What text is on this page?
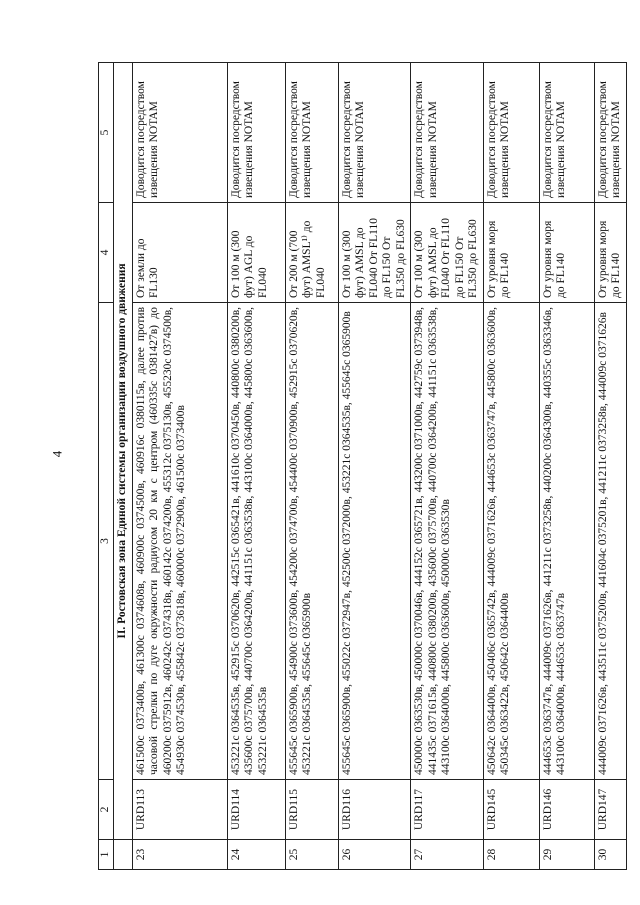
4
1	2	3	4	5
	II. Ростовская зона Единой системы организации воздушного движения			
23	URD113	461500с 0373400в, 461300с 0374608в, 460900с 0374500в, 460916с 0380115в, далее против часовой стрелки по дуге окружности радиусом 20 км с центром (460335с 0381427в) до 460200с 0375912в, 460242с 0374318в, 460142с 0374200в, 455312с 0375130в, 455230с 0374500в, 454930с 0374530в, 455842с 0373618в, 460000с 0372900в, 461500с 0373400в	От земли до FL130	Доводится посредством извещения NOTAM
24	URD114	453221с 0364535в, 452915с 0370620в, 442515с 0365421в, 441610с 0370450в, 440800с 0380200в, 435600с 0375700в, 440700с 0364200в, 441151с 0363538в, 443100с 0364000в, 445800с 0363600в, 453221с 0364535в	От 100 м (300 фут) AGL до FL040	Доводится посредством извещения NOTAM
25	URD115	455645с 0365900в, 454900с 0373600в, 454200с 0374700в, 454400с 0370900в, 452915с 0370620в, 453221с 0364535в, 455645с 0365900в	От 200 м (700 фут) AMSL¹⁾ до FL040	Доводится посредством извещения NOTAM
26	URD116	455645с 0365900в, 455022с 0372947в, 452500с 0372000в, 453221с 0364535в, 455645с 0365900в	От 100 м (300 фут) AMSL до FL040 От FL110 до FL150 От FL350 до FL630	Доводится посредством извещения NOTAM
27	URD117	450000с 0363530в, 450000с 0370046в, 444152с 0365721в, 443200с 0371000в, 442759с 0373948в, 441435с 0371615в, 440800с 0380200в, 435600с 0375700в, 440700с 0364200в, 441151с 0363538в, 443100с 0364000в, 445800с 0363600в, 450000с 0363530в	От 100 м (300 фут) AMSL до FL040 От FL110 до FL150 От FL350 до FL630	Доводится посредством извещения NOTAM
28	URD145	450642с 0364400в, 450406с 0365742в, 444009с 0371626в, 444653с 0363747в, 445800с 0363600в, 450345с 0363422в, 450642с 0364400в	От уровня моря до FL140	Доводится посредством извещения NOTAM
29	URD146	444653с 0363747в, 444009с 0371626в, 441211с 0373258в, 440200с 0364300в, 440355с 0363346в, 443100с 0364000в, 444653с 0363747в	От уровня моря до FL140	Доводится посредством извещения NOTAM
30	URD147	444009с 0371626в, 443511с 0375200в, 441604с 0375201в, 441211с 0373258в, 444009с 0371626в	От уровня моря до FL140	Доводится посредством извещения NOTAM
